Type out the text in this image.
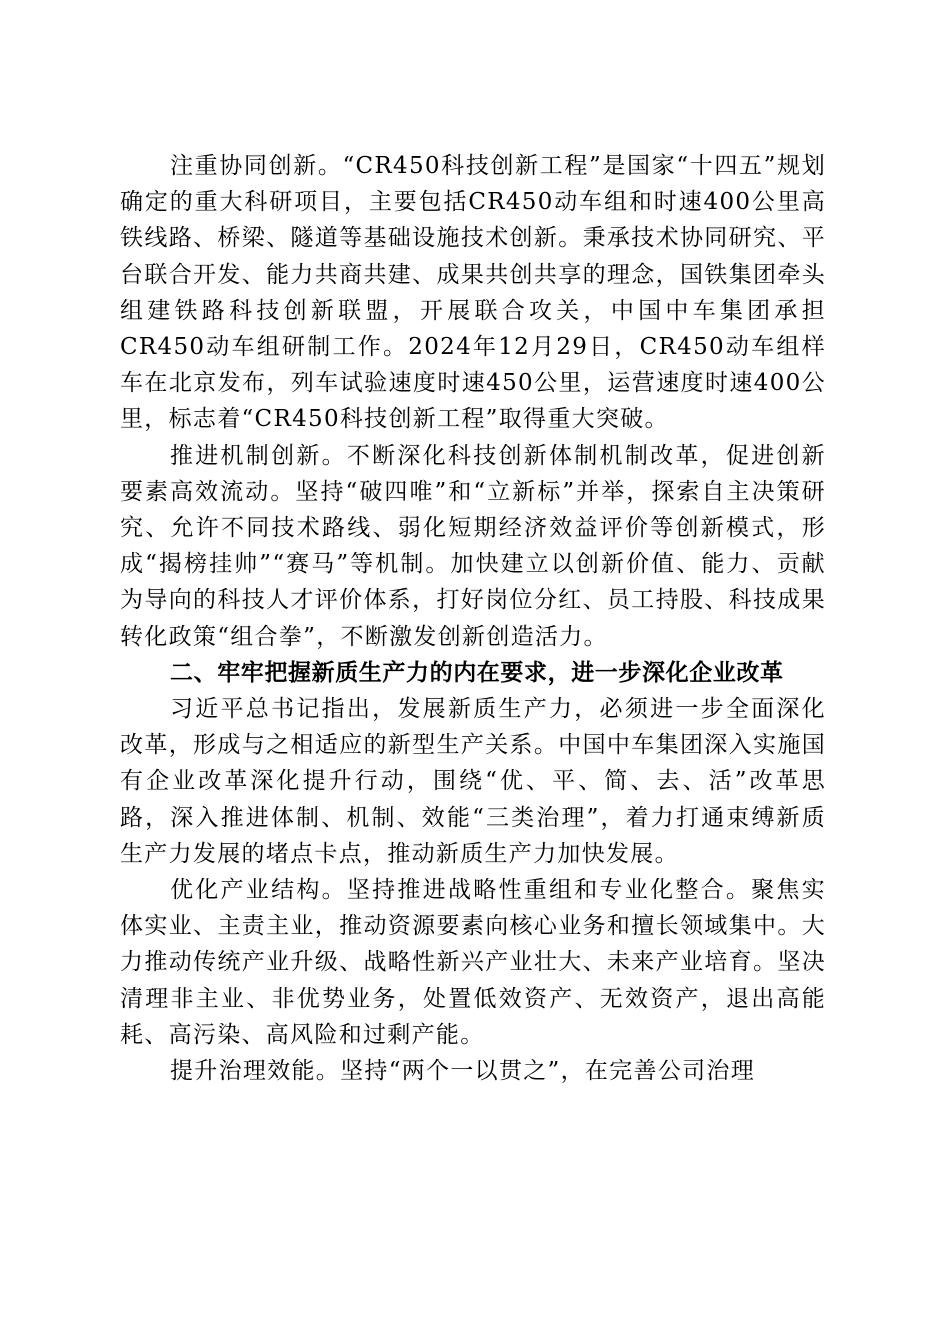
注重协同创新。“CR450科技创新工程”是国家“十四五”规划确定的重大科研项目，主要包括CR450动车组和时速400公里高铁线路、桥梁、隧道等基础设施技术创新。秉承技术协同研究、平台联合开发、能力共商共建、成果共创共享的理念，国铁集团牵头组建铁路科技创新联盟，开展联合攻关，中国中车集团承担CR450动车组研制工作。2024年12月29日，CR450动车组样车在北京发布，列车试验速度时速450公里，运营速度时速400公里，标志着“CR450科技创新工程”取得重大突破。

推进机制创新。不断深化科技创新体制机制改革，促进创新要素高效流动。坚持“破四唯”和“立新标”并举，探索自主决策研究、允许不同技术路线、弱化短期经济效益评价等创新模式，形成“揭榜挂帅”“赛马”等机制。加快建立以创新价值、能力、贡献为导向的科技人才评价体系，打好岗位分红、员工持股、科技成果转化政策“组合拳”，不断激发创新创造活力。

二、牢牢把握新质生产力的内在要求，进一步深化企业改革

习近平总书记指出，发展新质生产力，必须进一步全面深化改革，形成与之相适应的新型生产关系。中国中车集团深入实施国有企业改革深化提升行动，围绕“优、平、简、去、活”改革思路，深入推进体制、机制、效能“三类治理”，着力打通束缚新质生产力发展的堵点卡点，推动新质生产力加快发展。

优化产业结构。坚持推进战略性重组和专业化整合。聚焦实体实业、主责主业，推动资源要素向核心业务和擅长领域集中。大力推动传统产业升级、战略性新兴产业壮大、未来产业培育。坚决清理非主业、非优势业务，处置低效资产、无效资产，退出高能耗、高污染、高风险和过剩产能。

提升治理效能。坚持“两个一以贯之”，在完善公司治理
